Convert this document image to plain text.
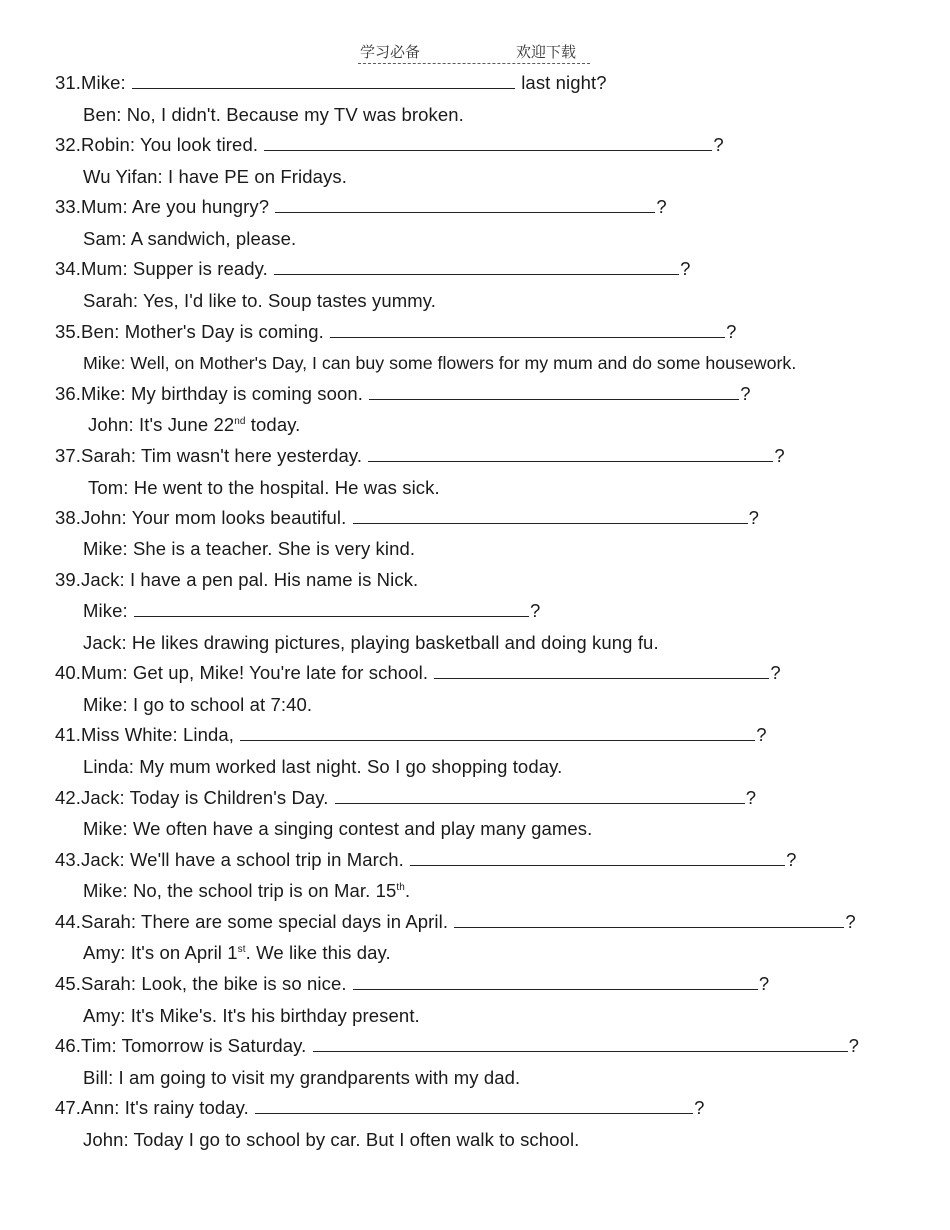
学习必备	欢迎下载
31.Mike:	last night?
Ben: No, I didn't. Because my TV was broken.
32.Robin: You look tired.	?
Wu Yifan: I have PE on Fridays.
33.Mum: Are you hungry?	?
Sam: A sandwich, please.
34.Mum: Supper is ready.	?
Sarah: Yes, I'd like to. Soup tastes yummy.
35.Ben: Mother's Day is coming.	?
Mike: Well, on Mother's Day, I can buy some flowers for my mum and do some housework.
36.Mike: My birthday is coming soon.	?
John: It's June 22nd today.
37.Sarah: Tim wasn't here yesterday.	?
Tom: He went to the hospital. He was sick.
38.John: Your mom looks beautiful.	?
Mike: She is a teacher. She is very kind.
39.Jack: I have a pen pal. His name is Nick.
Mike:	?
Jack: He likes drawing pictures, playing basketball and doing kung fu.
40.Mum: Get up, Mike! You're late for school.	?
Mike: I go to school at 7:40.
41.Miss White: Linda,	?
Linda: My mum worked last night. So I go shopping today.
42.Jack: Today is Children's Day.	?
Mike: We often have a singing contest and play many games.
43.Jack: We'll have a school trip in March.	?
Mike: No, the school trip is on Mar. 15th.
44.Sarah: There are some special days in April.	?
Amy: It's on April 1st. We like this day.
45.Sarah: Look, the bike is so nice.	?
Amy: It's Mike's. It's his birthday present.
46.Tim: Tomorrow is Saturday.	?
Bill: I am going to visit my grandparents with my dad.
47.Ann: It's rainy today.	?
John: Today I go to school by car. But I often walk to school.
